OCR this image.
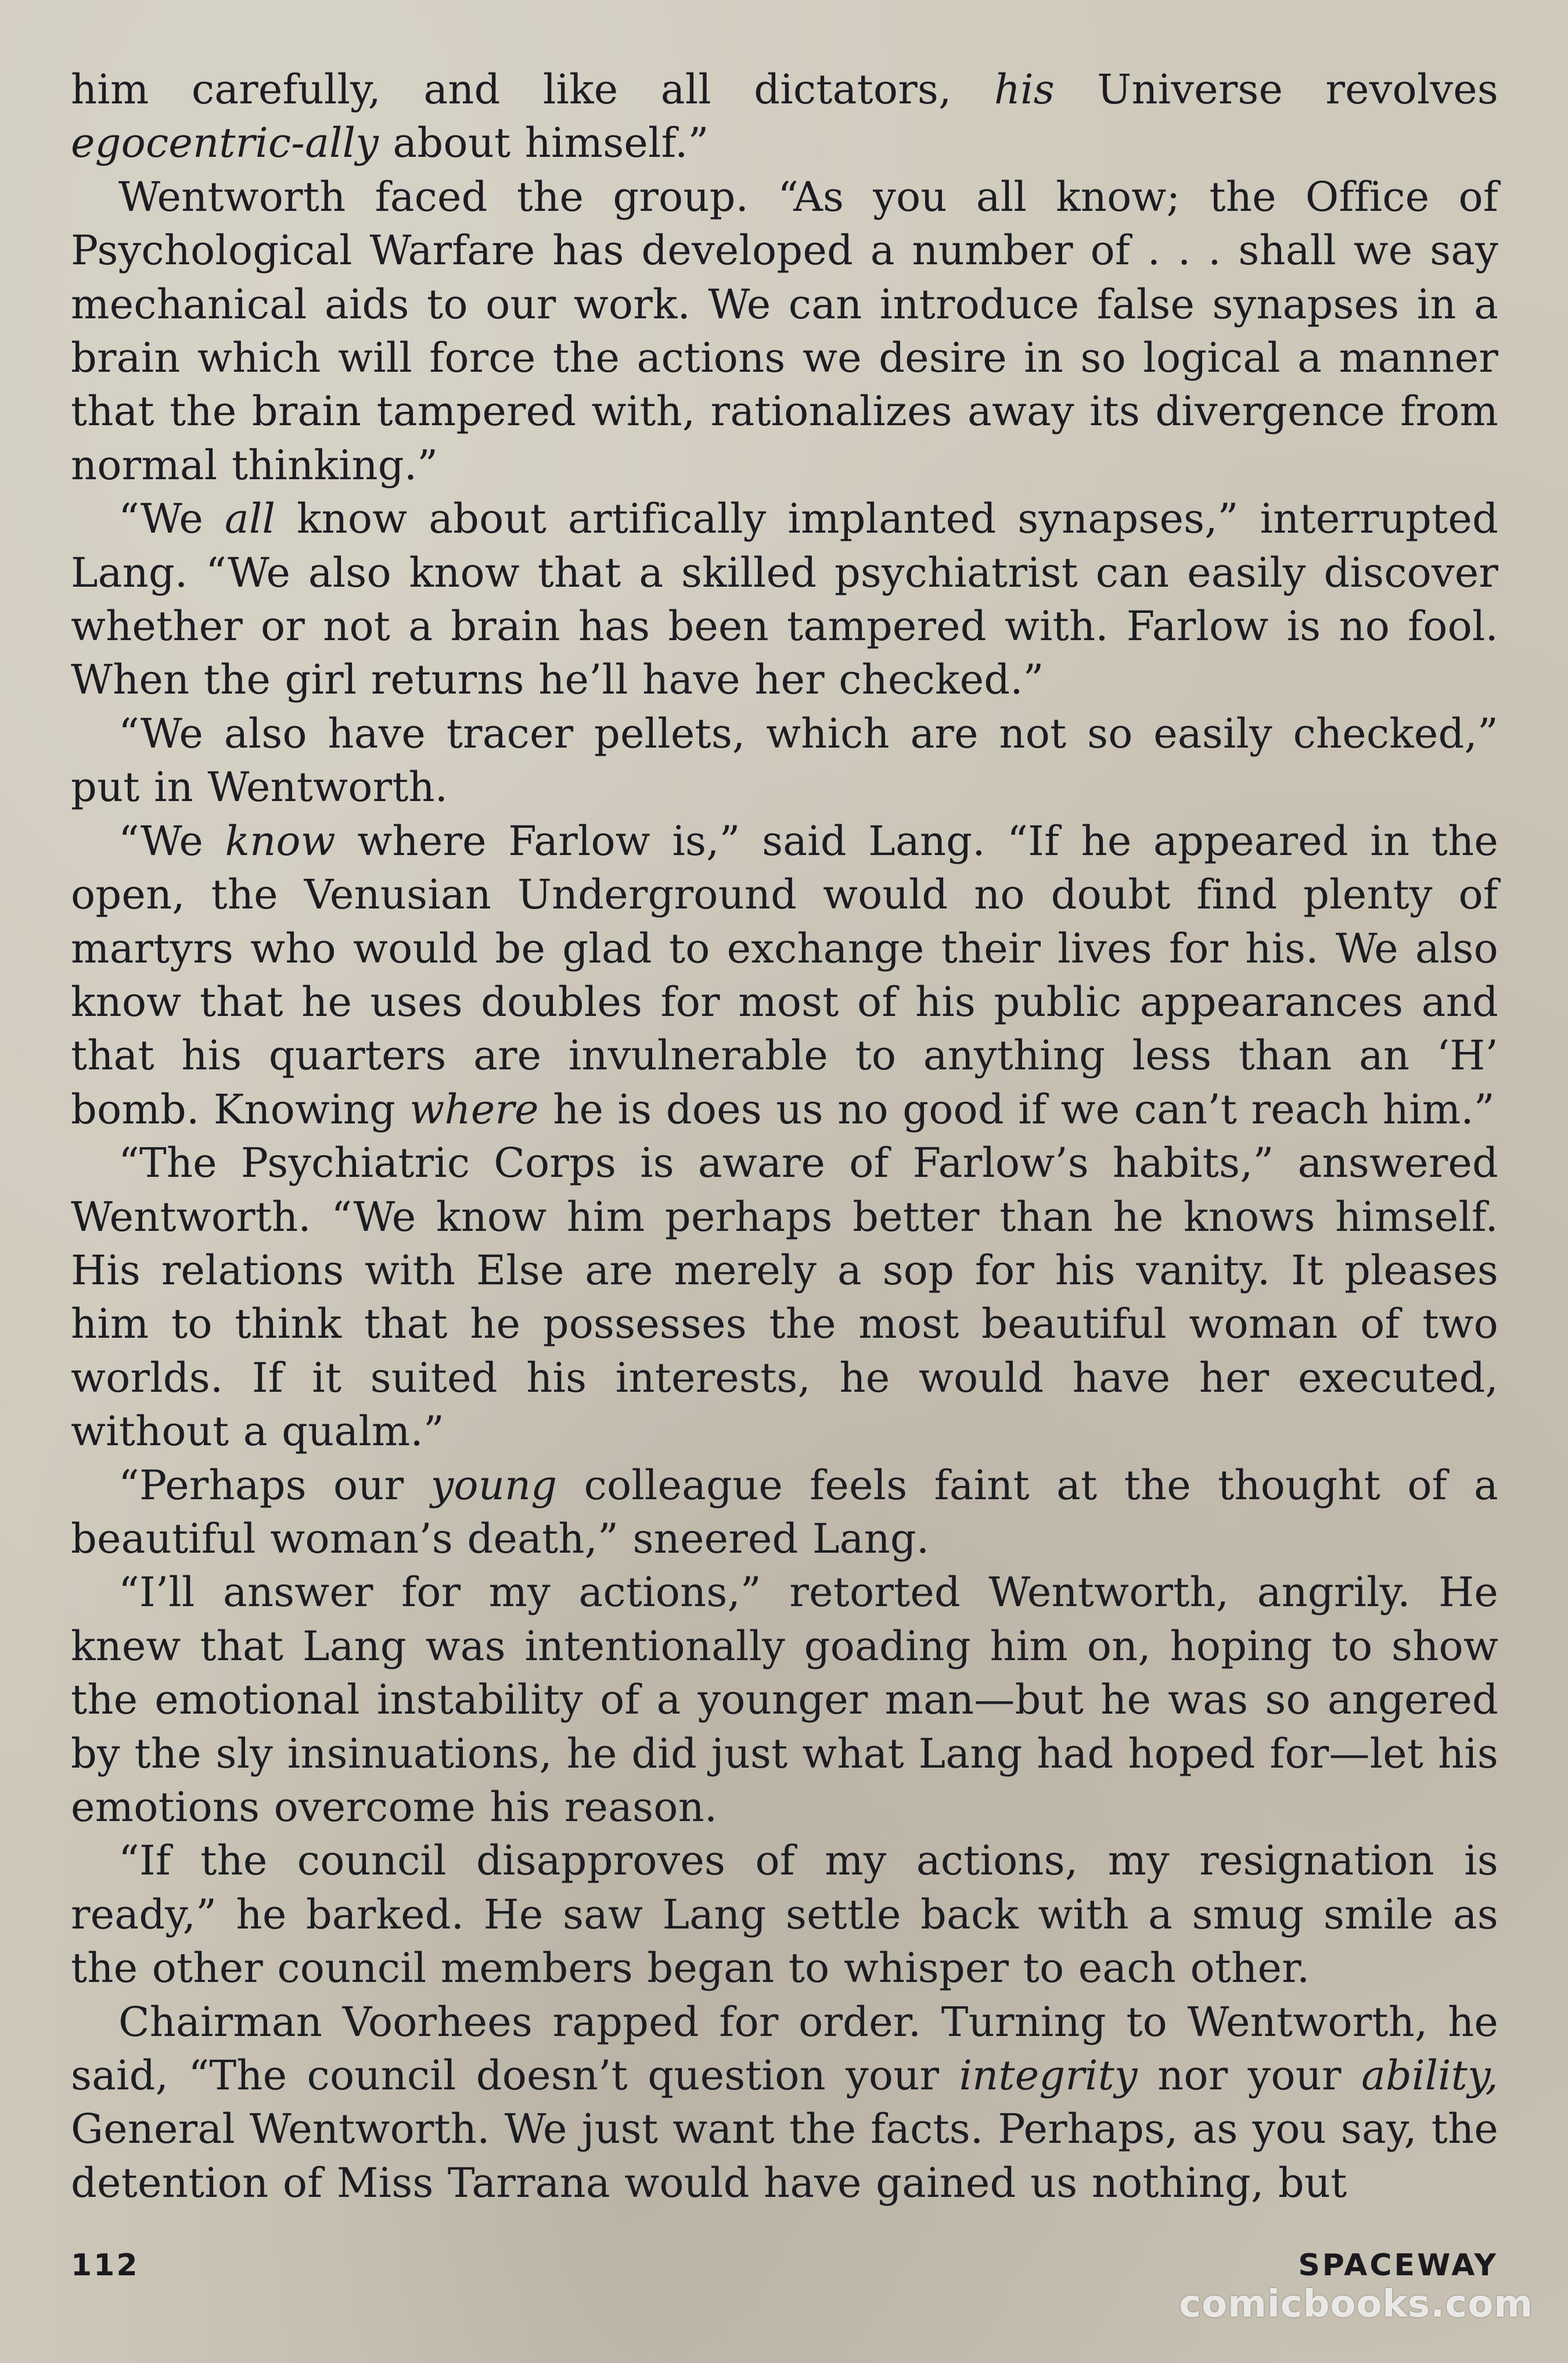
him carefully, and like all dictators, his Universe revolves egocentric-ally about himself.”

Wentworth faced the group. “As you all know; the Office of Psychological Warfare has developed a number of . . . shall we say mechanical aids to our work. We can introduce false synapses in a brain which will force the actions we desire in so logical a manner that the brain tampered with, rationalizes away its divergence from normal thinking.”

“We all know about artifically implanted synapses,” interrupted Lang. “We also know that a skilled psychiatrist can easily discover whether or not a brain has been tampered with. Farlow is no fool. When the girl returns he’ll have her checked.”

“We also have tracer pellets, which are not so easily checked,” put in Wentworth.

“We know where Farlow is,” said Lang. “If he appeared in the open, the Venusian Underground would no doubt find plenty of martyrs who would be glad to exchange their lives for his. We also know that he uses doubles for most of his public appearances and that his quarters are invulnerable to anything less than an ‘H’ bomb. Knowing where he is does us no good if we can’t reach him.”

“The Psychiatric Corps is aware of Farlow’s habits,” answered Wentworth. “We know him perhaps better than he knows himself. His relations with Else are merely a sop for his vanity. It pleases him to think that he possesses the most beautiful woman of two worlds. If it suited his interests, he would have her executed, without a qualm.”

“Perhaps our young colleague feels faint at the thought of a beautiful woman’s death,” sneered Lang.

“I’ll answer for my actions,” retorted Wentworth, angrily. He knew that Lang was intentionally goading him on, hoping to show the emotional instability of a younger man—but he was so angered by the sly insinuations, he did just what Lang had hoped for—let his emotions overcome his reason.

“If the council disapproves of my actions, my resignation is ready,” he barked. He saw Lang settle back with a smug smile as the other council members began to whisper to each other.

Chairman Voorhees rapped for order. Turning to Wentworth, he said, “The council doesn’t question your integrity nor your ability, General Wentworth. We just want the facts. Perhaps, as you say, the detention of Miss Tarrana would have gained us nothing, but

112	SPACEWAY
comicbooks.com
